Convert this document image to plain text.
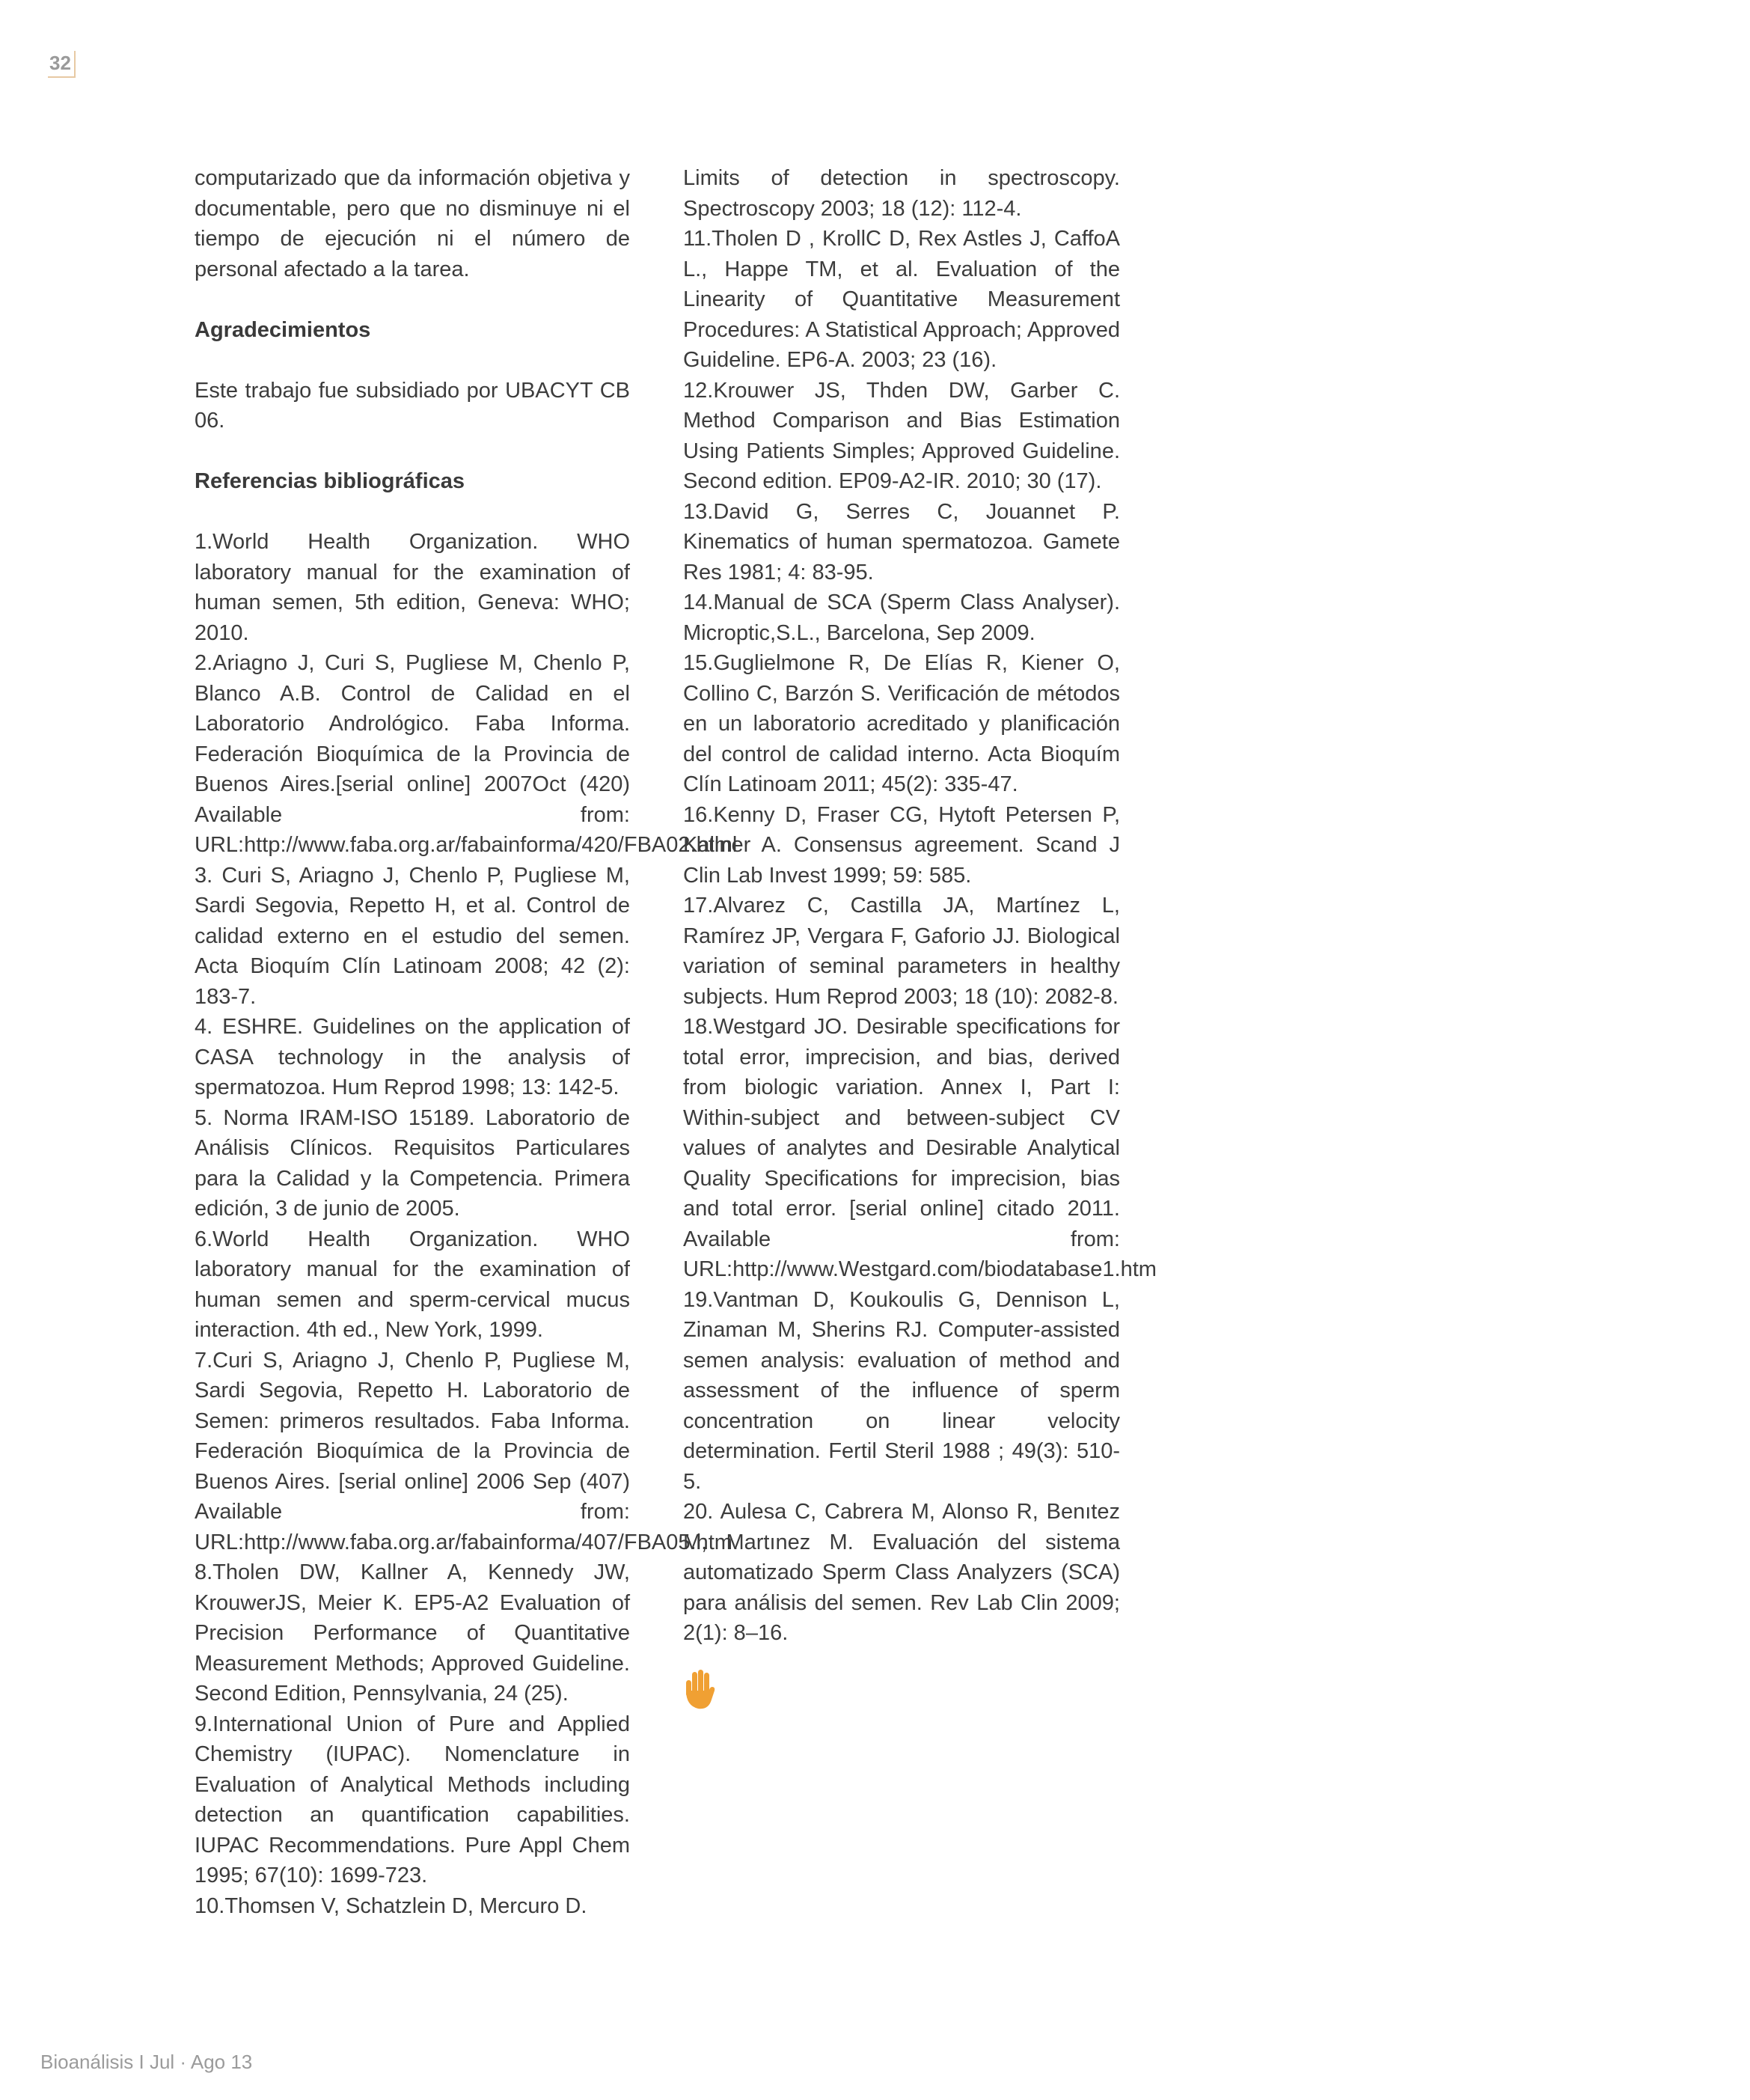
32

computarizado que da información objetiva y documentable, pero que no disminuye ni el tiempo de ejecución ni el número de personal afectado a la tarea.

Agradecimientos

Este trabajo fue subsidiado por UBACYT CB 06.

Referencias bibliográficas

1.World Health Organization. WHO laboratory manual for the examination of human semen, 5th edition, Geneva: WHO; 2010.

2.Ariagno J, Curi S, Pugliese M, Chenlo P, Blanco A.B. Control de Calidad en el Laboratorio Andrológico. Faba Informa. Federación Bioquímica de la Provincia de Buenos Aires.[serial online] 2007Oct (420) Available from: URL:http://www.faba.org.ar/fabainforma/420/FBA02.html

3. Curi S, Ariagno J, Chenlo P, Pugliese M, Sardi Segovia, Repetto H, et al. Control de calidad externo en el estudio del semen. Acta Bioquím Clín Latinoam 2008; 42 (2): 183-7.

4. ESHRE. Guidelines on the application of CASA technology in the analysis of spermatozoa. Hum Reprod 1998; 13: 142-5.

5. Norma IRAM-ISO 15189. Laboratorio de Análisis Clínicos. Requisitos Particulares para la Calidad y la Competencia. Primera edición, 3 de junio de 2005.

6.World Health Organization. WHO laboratory manual for the examination of human semen and sperm-cervical mucus interaction. 4th ed., New York, 1999.

7.Curi S, Ariagno J, Chenlo P, Pugliese M, Sardi Segovia, Repetto H. Laboratorio de Semen: primeros resultados. Faba Informa. Federación Bioquímica de la Provincia de Buenos Aires. [serial online] 2006 Sep (407) Available from: URL:http://www.faba.org.ar/fabainforma/407/FBA05.htm.

8.Tholen DW, Kallner A, Kennedy JW, KrouwerJS, Meier K. EP5-A2 Evaluation of Precision Performance of Quantitative Measurement Methods; Approved Guideline. Second Edition, Pennsylvania, 24 (25).

9.International Union of Pure and Applied Chemistry (IUPAC). Nomenclature in Evaluation of Analytical Methods including detection an quantification capabilities. IUPAC Recommendations. Pure Appl Chem 1995; 67(10): 1699-723.

10.Thomsen V, Schatzlein D, Mercuro D.

Limits of detection in spectroscopy. Spectroscopy 2003; 18 (12): 112-4.

11.Tholen D , KrollC D, Rex Astles J, CaffoA L., Happe TM, et al. Evaluation of the Linearity of Quantitative Measurement Procedures: A Statistical Approach; Approved Guideline. EP6-A. 2003; 23 (16).

12.Krouwer JS, Thden DW, Garber C. Method Comparison and Bias Estimation Using Patients Simples; Approved Guideline. Second edition. EP09-A2-IR. 2010; 30 (17).

13.David G, Serres C, Jouannet P. Kinematics of human spermatozoa. Gamete Res 1981; 4: 83-95.

14.Manual de SCA (Sperm Class Analyser). Microptic,S.L., Barcelona, Sep 2009.

15.Guglielmone R, De Elías R, Kiener O, Collino C, Barzón S. Verificación de métodos en un laboratorio acreditado y planificación del control de calidad interno. Acta Bioquím Clín Latinoam 2011; 45(2): 335-47.

16.Kenny D, Fraser CG, Hytoft Petersen P, Kallner A. Consensus agreement. Scand J Clin Lab Invest 1999; 59: 585.

17.Alvarez C, Castilla JA, Martínez L, Ramírez JP, Vergara F, Gaforio JJ. Biological variation of seminal parameters in healthy subjects. Hum Reprod 2003; 18 (10): 2082-8.

18.Westgard JO. Desirable specifications for total error, imprecision, and bias, derived from biologic variation. Annex I, Part I: Within-subject and between-subject CV values of analytes and Desirable Analytical Quality Specifications for imprecision, bias and total error. [serial online] citado 2011. Available from: URL:http://www.Westgard.com/biodatabase1.htm

19.Vantman D, Koukoulis G, Dennison L, Zinaman M, Sherins RJ. Computer-assisted semen analysis: evaluation of method and assessment of the influence of sperm concentration on linear velocity determination. Fertil Steril 1988 ; 49(3): 510-5.

20. Aulesa C, Cabrera M, Alonso R, Benıtez M, Martınez M. Evaluación del sistema automatizado Sperm Class Analyzers (SCA) para análisis del semen. Rev Lab Clin 2009; 2(1): 8–16.

Bioanálisis I Jul · Ago 13
